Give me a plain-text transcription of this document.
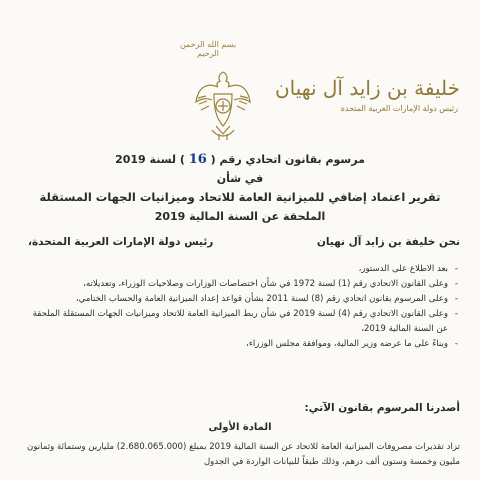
بسم الله الرحمن الرحيم
خليفة بن زايد آل نهيان
رئيس دولة الإمارات العربية المتحدة
مرسوم بقانون اتحادي رقم ( 16 ) لسنة 2019
في شأن
تقرير اعتماد إضافي للميزانية العامة للاتحاد وميزانيات الجهات المستقلة
الملحقة عن السنة المالية 2019
نحن خليفة بن زايد آل نهيان
رئيس دولة الإمارات العربية المتحدة،
- بعد الاطلاع على الدستور،
- وعلى القانون الاتحادي رقم (1) لسنة 1972 في شأن اختصاصات الوزارات وصلاحيات الوزراء، وتعديلاته،
- وعلى المرسوم بقانون اتحادي رقم (8) لسنة 2011 بشأن قواعد إعداد الميزانية العامة والحساب الختامي،
- وعلى القانون الاتحادي رقم (4) لسنة 2019 في شأن ربط الميزانية العامة للاتحاد وميزانيات الجهات المستقلة الملحقة عن السنة المالية 2019،
- وبناءً على ما عرضه وزير المالية، وموافقة مجلس الوزراء،
أصدرنا المرسوم بقانون الآتي:
المادة الأولى
تزاد تقديرات مصروفات الميزانية العامة للاتحاد عن السنة المالية 2019 بمبلغ (2.680.065.000) مليارين وستمائة وثمانون مليون وخمسة وستون ألف درهم، وذلك طبقاً للبيانات الواردة في الجدول
